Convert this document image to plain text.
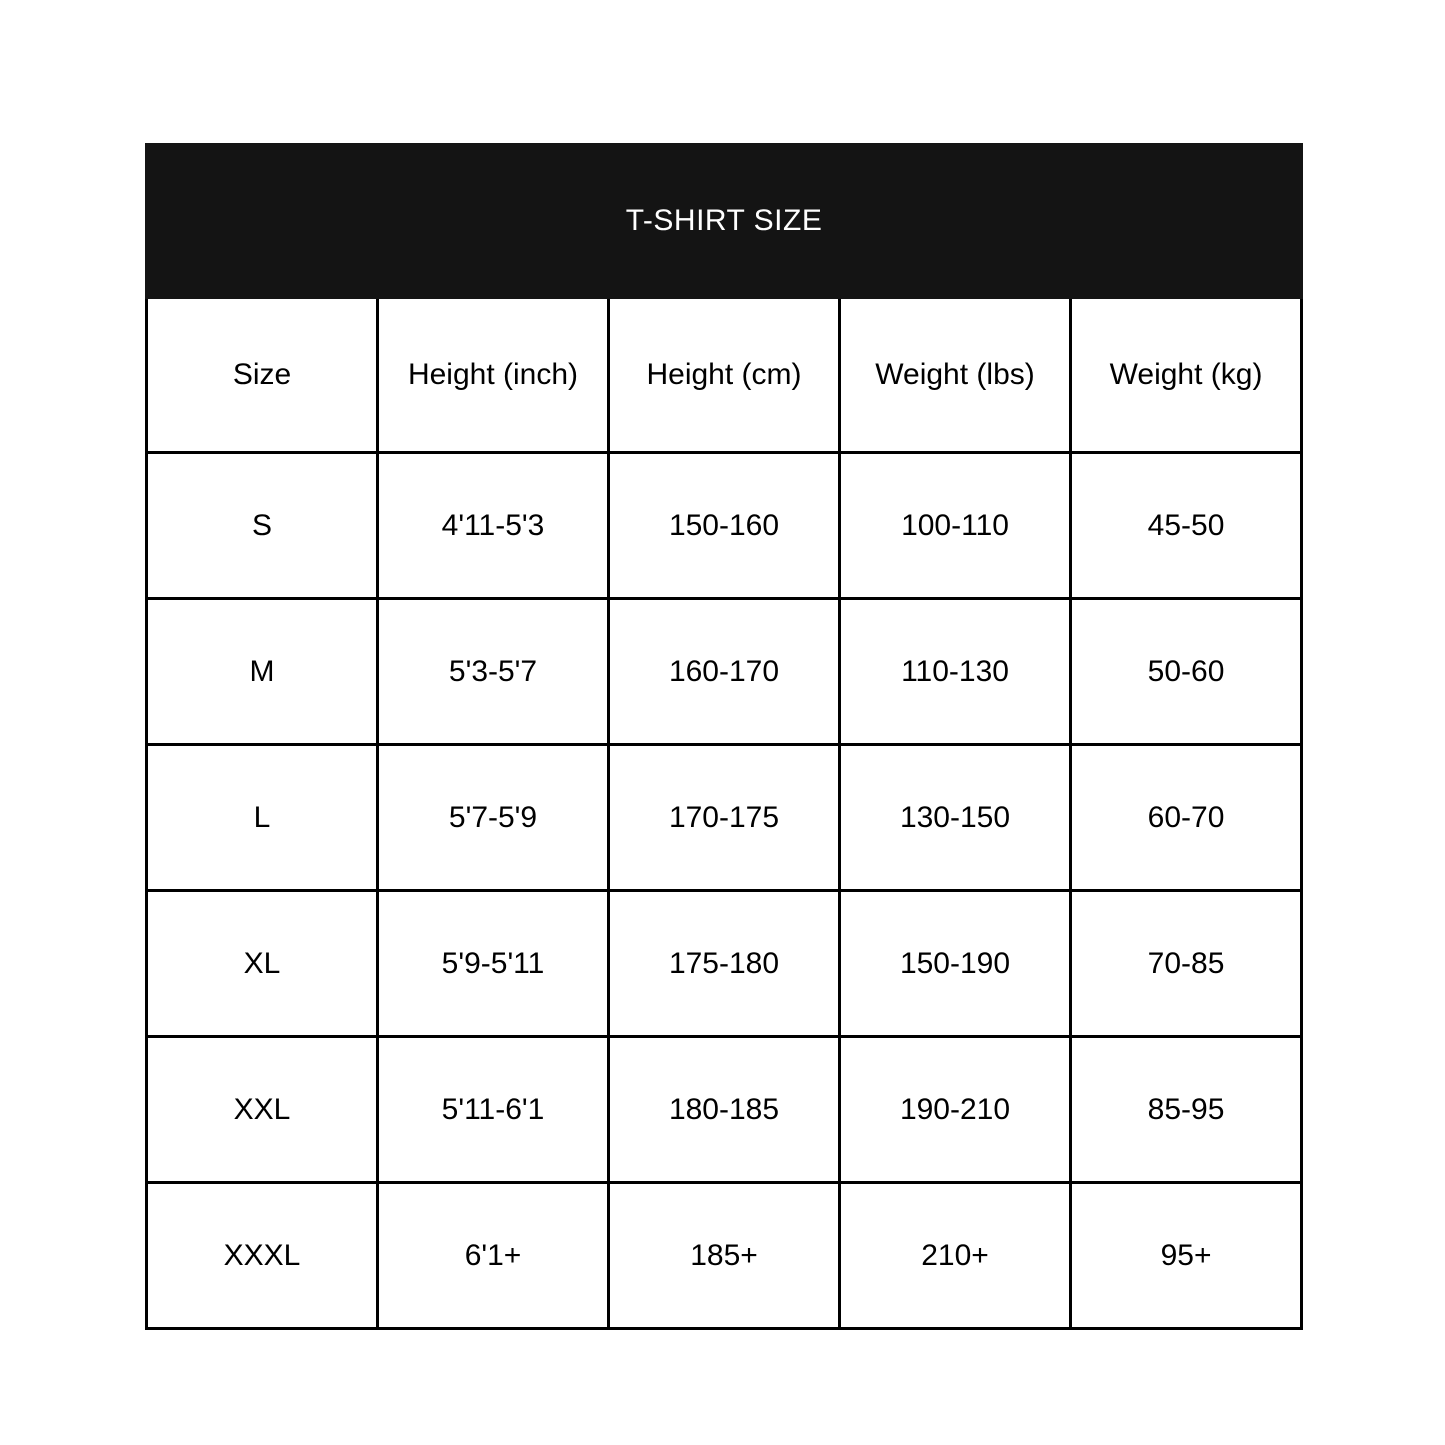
T-SHIRT SIZE				
Size	Height (inch)	Height (cm)	Weight (lbs)	Weight (kg)
S	4'11-5'3	150-160	100-110	45-50
M	5'3-5'7	160-170	110-130	50-60
L	5'7-5'9	170-175	130-150	60-70
XL	5'9-5'11	175-180	150-190	70-85
XXL	5'11-6'1	180-185	190-210	85-95
XXXL	6'1+	185+	210+	95+
